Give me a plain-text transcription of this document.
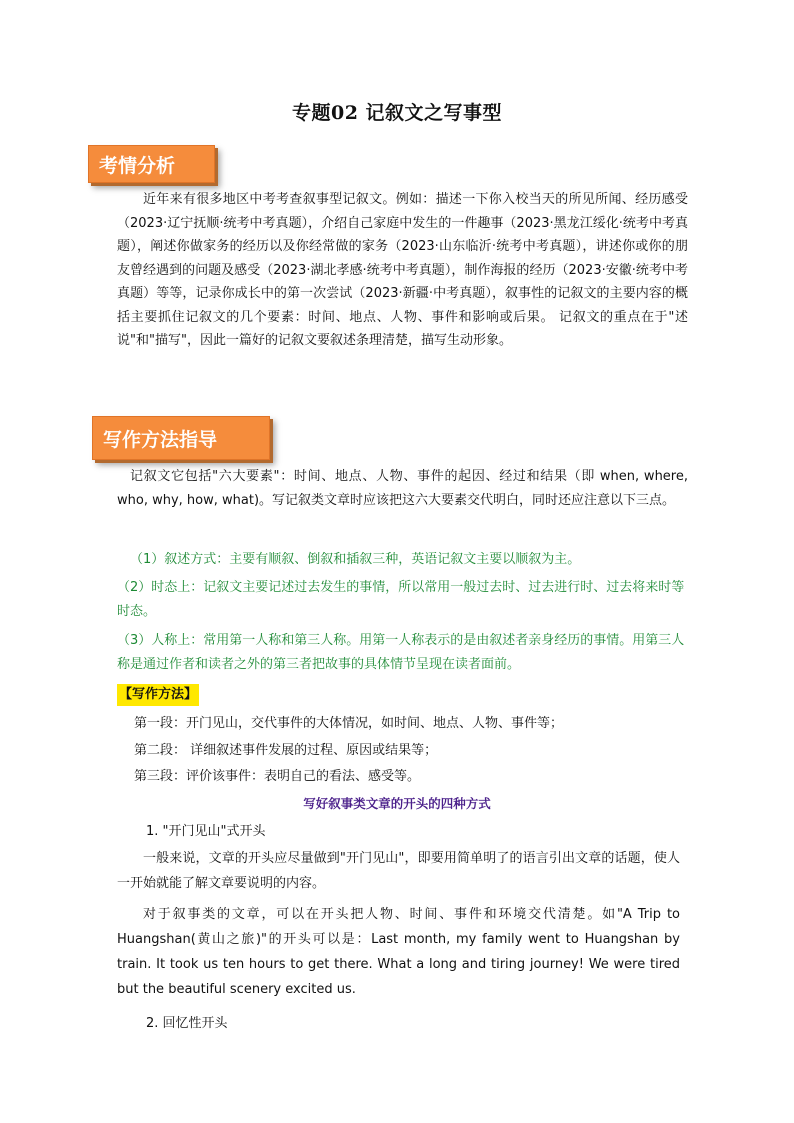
专题02 记叙文之写事型
考情分析
近年来有很多地区中考考查叙事型记叙文。例如：描述一下你入校当天的所见所闻、经历感受（2023·辽宁抚顺·统考中考真题），介绍自己家庭中发生的一件趣事（2023·黑龙江绥化·统考中考真题），阐述你做家务的经历以及你经常做的家务（2023·山东临沂·统考中考真题），讲述你或你的朋友曾经遇到的问题及感受（2023·湖北孝感·统考中考真题），制作海报的经历（2023·安徽·统考中考真题）等等，记录你成长中的第一次尝试（2023·新疆·中考真题），叙事性的记叙文的主要内容的概括主要抓住记叙文的几个要素：时间、地点、人物、事件和影响或后果。 记叙文的重点在于"述说"和"描写"，因此一篇好的记叙文要叙述条理清楚，描写生动形象。
写作方法指导
记叙文它包括"六大要素"：时间、地点、人物、事件的起因、经过和结果（即 when, where, who, why, how, what)。写记叙类文章时应该把这六大要素交代明白，同时还应注意以下三点。
（1）叙述方式：主要有顺叙、倒叙和插叙三种，英语记叙文主要以顺叙为主。
（2）时态上：记叙文主要记述过去发生的事情，所以常用一般过去时、过去进行时、过去将来时等时态。
（3）人称上：常用第一人称和第三人称。用第一人称表示的是由叙述者亲身经历的事情。用第三人称是通过作者和读者之外的第三者把故事的具体情节呈现在读者面前。
【写作方法】
第一段：开门见山，交代事件的大体情况，如时间、地点、人物、事件等；
第二段： 详细叙述事件发展的过程、原因或结果等；
第三段：评价该事件：表明自己的看法、感受等。
写好叙事类文章的开头的四种方式
1. "开门见山"式开头
一般来说，文章的开头应尽量做到"开门见山"，即要用简单明了的语言引出文章的话题，使人一开始就能了解文章要说明的内容。
对于叙事类的文章，可以在开头把人物、时间、事件和环境交代清楚。如"A Trip to Huangshan(黄山之旅)"的开头可以是：Last month, my family went to Huangshan by train. It took us ten hours to get there. What a long and tiring journey! We were tired but the beautiful scenery excited us.
2. 回忆性开头
